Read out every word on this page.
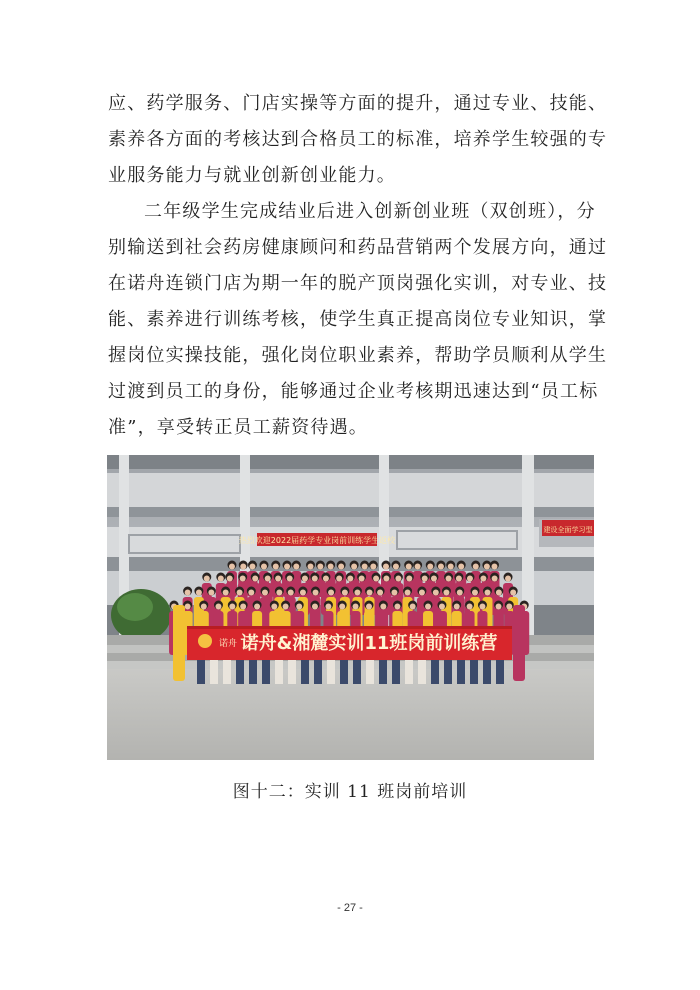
应、药学服务、门店实操等方面的提升，通过专业、技能、
素养各方面的考核达到合格员工的标准，培养学生较强的专
业服务能力与就业创新创业能力。
二年级学生完成结业后进入创新创业班（双创班），分
别输送到社会药房健康顾问和药品营销两个发展方向，通过
在诺舟连锁门店为期一年的脱产顶岗强化实训，对专业、技
能、素养进行训练考核，使学生真正提高岗位专业知识，掌
握岗位实操技能，强化岗位职业素养，帮助学员顺利从学生
过渡到员工的身份，能够通过企业考核期迅速达到“员工标
准”，享受转正员工薪资待遇。
热烈欢迎2022届药学专业岗前训练学生返校
建设全面学习型
诺舟 诺舟&湘麓实训11班岗前训练营
图十二：实训 11 班岗前培训
- 27 -
